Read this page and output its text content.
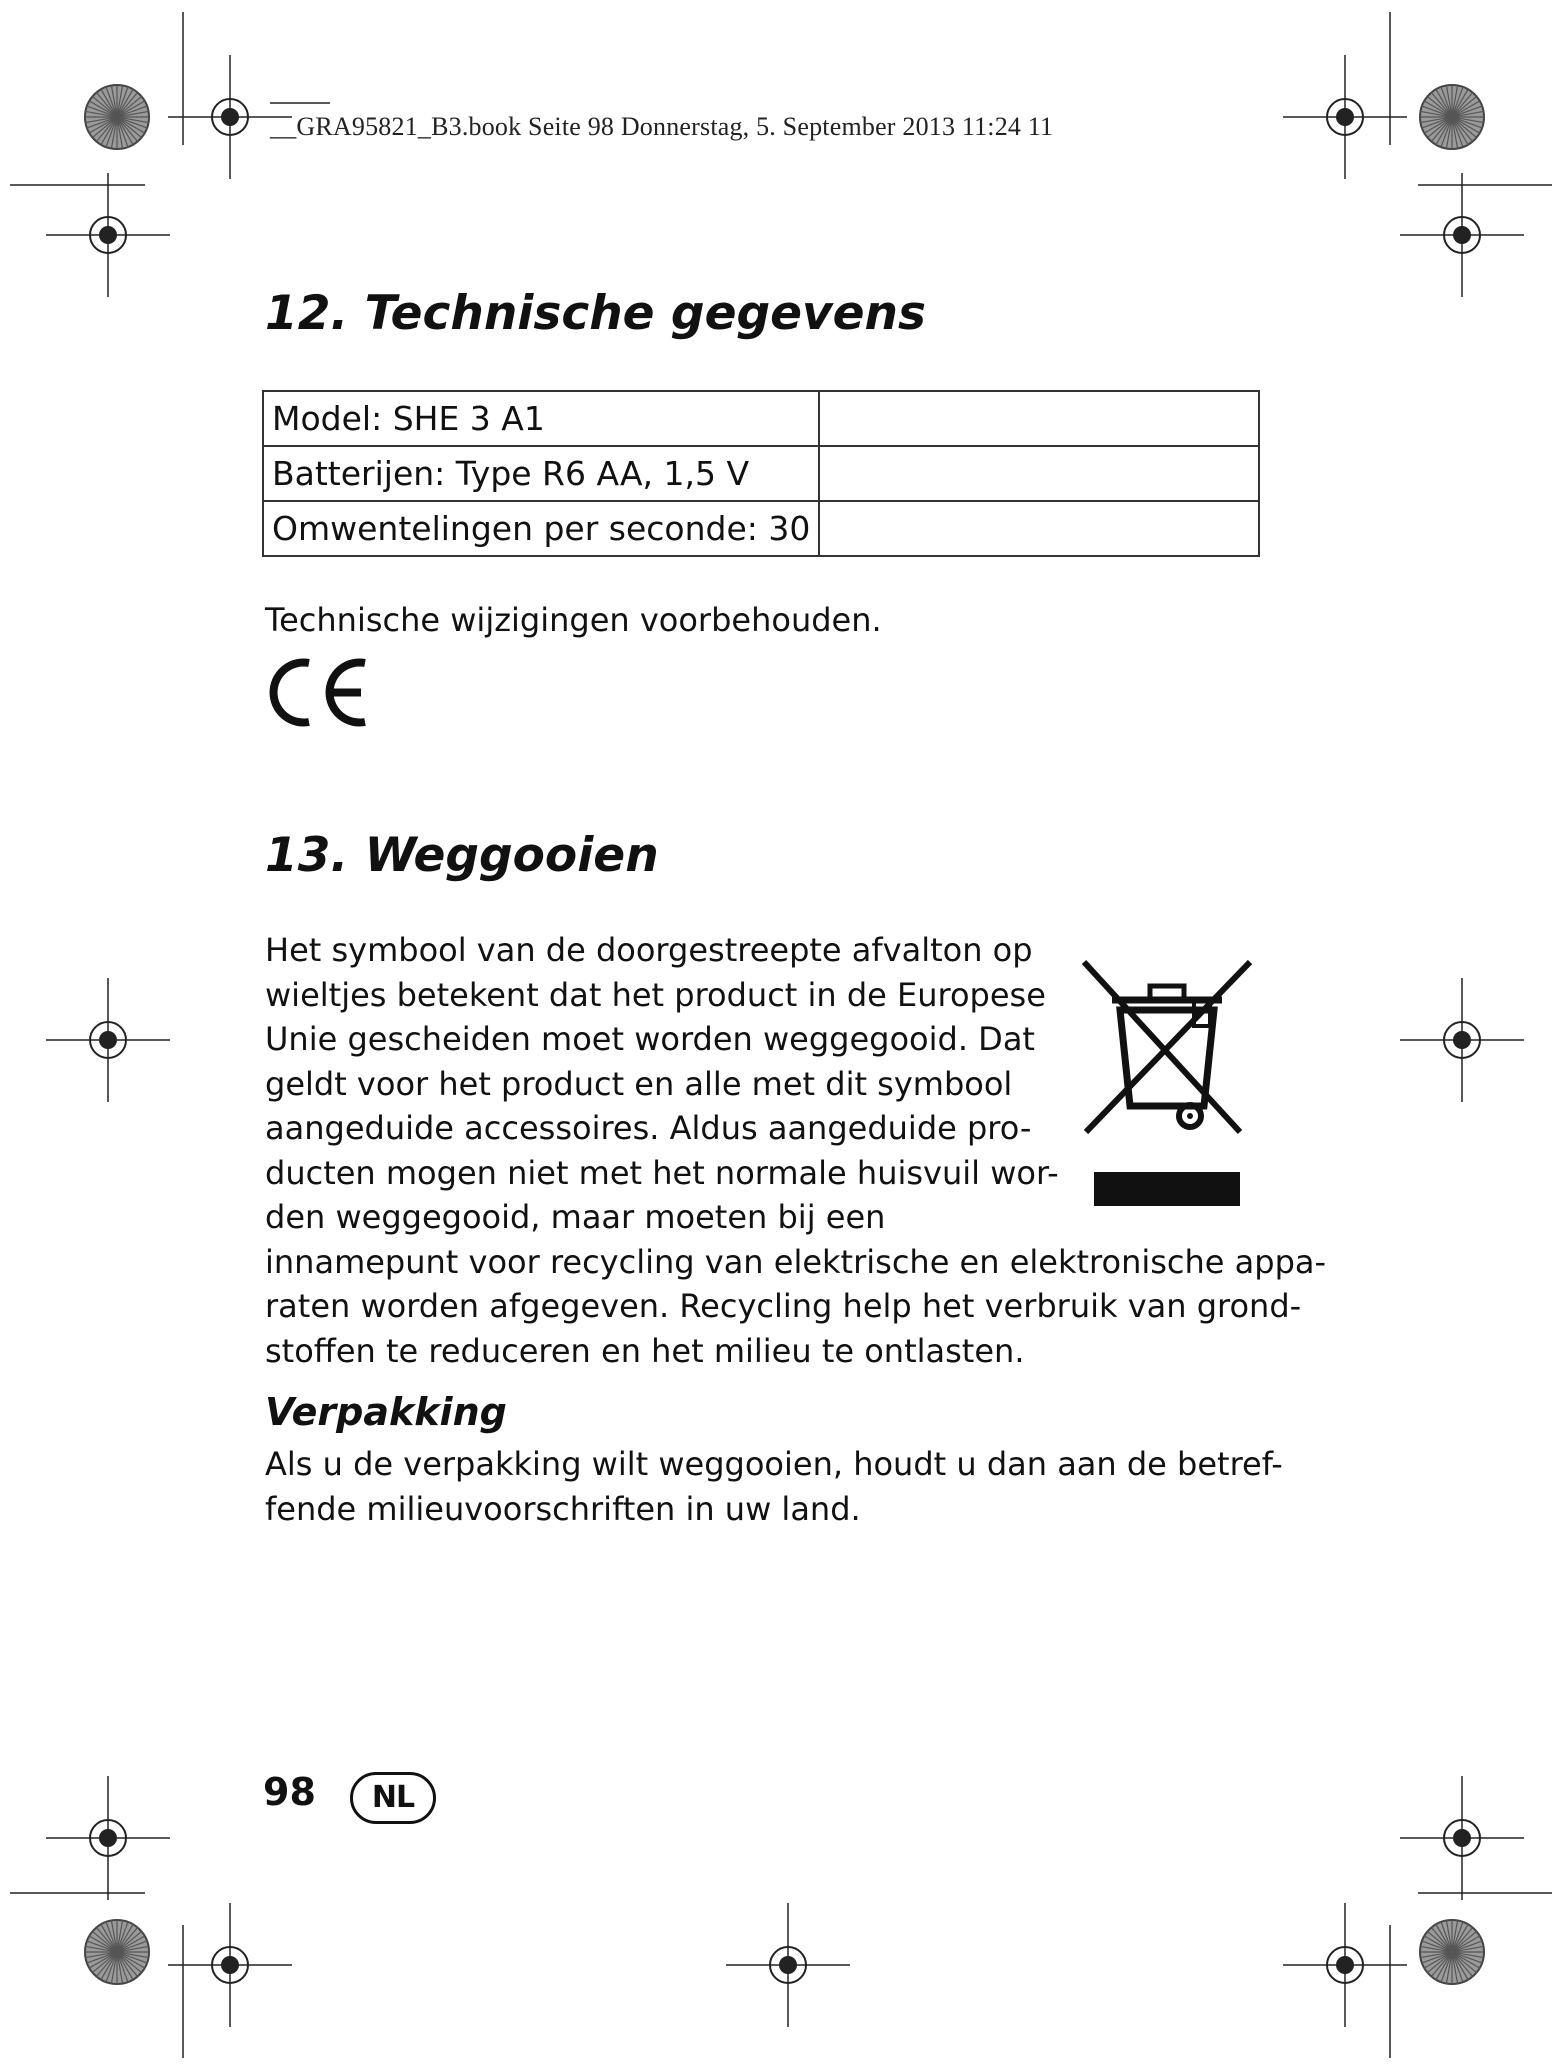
__GRA95821_B3.book Seite 98 Donnerstag, 5. September 2013 11:24 11
12. Technische gegevens
Model: SHE 3 A1	
Batterijen: Type R6 AA, 1,5 V	
Omwentelingen per seconde: 30	
Technische wijzigingen voorbehouden.
13. Weggooien
Het symbool van de doorgestreepte afvalton op
wieltjes betekent dat het product in de Europese
Unie gescheiden moet worden weggegooid. Dat
geldt voor het product en alle met dit symbool
aangeduide accessoires. Aldus aangeduide pro-
ducten mogen niet met het normale huisvuil wor-
den weggegooid, maar moeten bij een
innamepunt voor recycling van elektrische en elektronische appa-
raten worden afgegeven. Recycling help het verbruik van grond-
stoffen te reduceren en het milieu te ontlasten.
Verpakking
Als u de verpakking wilt weggooien, houdt u dan aan de betref-
fende milieuvoorschriften in uw land.
98	NL
